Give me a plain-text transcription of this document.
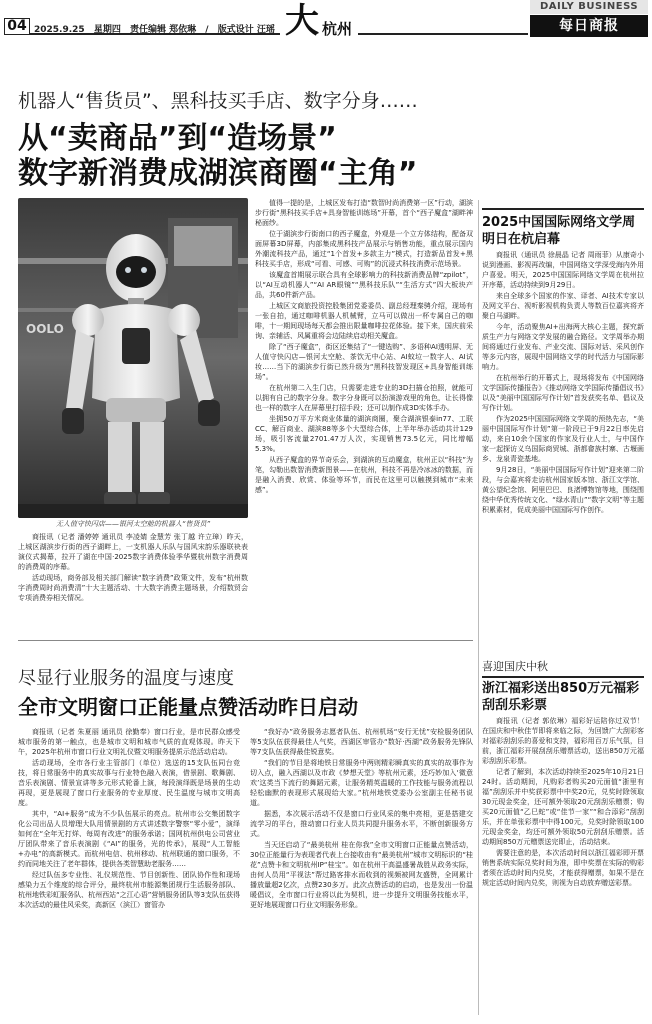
04 2025.9.25 星期四 责任编辑 郑依琳 / 版式设计 汪瑶 大 杭州
DAILY BUSINESS
每日商报
机器人“售货员”、黑科技买手店、数字分身……
从“卖商品”到“造场景”
数字新消费成湖滨商圈“主角”
OOLO
无人值守快闪店——银河太空舱的机器人“售货员”

商报讯（记者 潘婷婷 通讯员 李凌婧 金慧芳 张丁越 许立璋）昨天，上城区湖滨步行街的西子湖畔上，一支机器人乐队与国风宋韵乐器联袂表演仪式揭幕，拉开了湖在中国·2025数字消费体验季华暨杭州数字消费周的消费周的序幕。

活动现场，商务部及相关部门解读“数字消费”政策文件，发布“杭州数字消费周时尚消费清”十大主题活动、十大数字消费主题场景，介绍数贸会专项消费券相关情况。

值得一提的是，上城区发布打造“数智时尚消费第一区”行动，湖滨步行街“黑科技买手店+具身智能训练场”开幕，首个“西子魔盒”湖畔神秘面纱。

位于湖滨步行街南口的西子魔盒，外观是一个立方体结构，配备双面屏幕3D屏幕，内部集成黑科技产品展示与销售功能，重点展示国内外潮流科技产品，通过“1个首发+多款主力”模式，打造新品首发+黑科技买手店，形成“可看、可感、可购”的沉浸式科技消费示范场景。

该魔盒首期展示联合具有全球影响力的科技新消费品牌“zpilot”，以“AI互动机器人”“AI AR眼镜”“黑科技乐队”“生活方式”四大板块产品，共60件新产品。

上城区文商旅投资控股集团党委委员、副总经理秦骋介绍，现场有一张自拍，通过咖啡机器人机械臂，立马可以做出一杯专属自己的咖啡，十一期间现场每天都会推出限量咖啡拉花体验。接下来，国庆前采询、亲辅活、风属重将会边陆续启动相关魔盒。

除了“西子魔盒”，街区还集结了“一键选购”、多语种AI透明屏、无人值守快闪店—银河太空舱、茶饮无中心站、AI蚊垃一数字人、AI试妆……当下的湖滨步行街已然升级为“黑科技智发现区+具身智能训练场”。

在杭州第二入生门店，只需要走进专业的3D扫描仓拍照，就能可以拥有自己的数字分身。数字分身既可以扮演游戏里的角色，让长得像也一样的数字人在屏幕里打招手段；还可以制作成3D实体手办。

坐拥50万平方米商业体量的湖滨商圈，聚合湖滨银泰in77、工联CC、解百商业、湖滨88等多个大型综合体，上半年举办活动共计129场，吸引客流量2701.47万人次，实现销售73.5亿元，同比增幅5.3%。

从西子魔盒的界节奇乐会，到湖滨的互动魔盒，杭州正以“科技”为笔，勾勒出数智消费新图景——在杭州，科技不再是冷冰冰的数据，而是融入消费、欣赏、体验等环节，而民在这里可以触摸到城市“未来感”。

2025中国国际网络文学周明日在杭启幕

商报讯（通讯员 徐晨晶 记者 周雨菲）从康奇小说到漫画、影视再改编，中国网络文学深受海内外用户喜爱。明天，2025中国国际网络文学周在杭州拉开序幕，活动持续到9月29日。

来自全球多个国家的作家、译者、AI技术专家以及网文平台、视听影视机构负责人等数百位嘉宾将齐聚白马湖畔。

今年，活动聚焦AI+出海两大核心主题，探究新质生产力与网络文学发展的融合路径。文学周举办期间将通过行业发布、产业交流、国际对话、采风创作等多元内容，展现中国网络文学的时代活力与国际影响力。

在杭州举行的开幕式上，现场将发布《中国网络文学国际传播报告》《推动网络文学国际传播倡议书》以及“美丽中国国际写作计划”首发获奖名单、倡议及写作计划。

作为2025中国国际网络文学周的预热先志，“美丽中国国际写作计划”第一阶段已于9月22日率先启动，来自10余个国家的作家及行业人士，与中国作家一起探访义乌国际商贸城、浙都畲族村寨、古堰画乡、龙泉青瓷基地。

9月28日，“美丽中国国际写作计划”迎来第二阶段，与会嘉宾将走访杭州国家版本馆、浙江文学馆、黄公望纪念馆、阿里巴巴、良渚博物馆等地，围绕围绕中华优秀传统文化、“绿水青山”“数字文明”等主题积累素材，促成美丽中国国际写作创作。

喜迎国庆中秋
浙江福彩送出850万元福彩刮刮乐彩票

商报讯（记者 郭依琳）福彩好运陪你过双节！在国庆和中秋佳节即将来临之际，为回馈广大刮彩客对福彩刮刮乐的喜爱和支持，福彩用百万乐气氛，目前，浙江福彩开展刮刮乐赠票活动，送出850万元福彩刮刮乐彩票。

记者了解到，本次活动持续至2025年10月21日24时。活动期间，凡购彩者购买20元面值“浙里有福”刮刮乐并中奖获彩票中中奖20元，兑奖时除领取30元现金奖金，还可额外领取20元刮刮乐赠票；购买20元面值“乙巳蛇”或“佳节一家”“和合添彩”刮刮乐，并在单张彩票中中得100元，兑奖时除领取100元现金奖金，均还可额外领取50元刮刮乐赠票。活动期间850万元赠票送完即止，活动结束。

需要注意的是，本次活动时间以浙江福彩即开票销售系统实际兑奖时间为准，即中奖票在实际的购彩者须在活动时间内兑奖，才能获得赠票，如果不是在规定活动时间内兑奖，则视为自动放弃赠送彩票。

尽显行业服务的温度与速度
全市文明窗口正能量点赞活动昨日启动

商报讯（记者 朱夏丽 通讯员 徐勤奉）窗口行业，是市民群众感受城市服务的第一触点，也是城市文明和城市气质的直观体现。昨天下午，2025年杭州市窗口行业文明礼仪暨文明服务提质示范活动启动。

活动现场，全市各行业主管部门（单位）选送的15支队伍同台竞技，将日常服务中的真实故事与行业特色融入表演，借景剧、歌舞剧、音乐表演剧、情景宣讲等多元形式轮番上演，每段演绎既是场景的生动再现，更是展现了窗口行业服务的专业厚度、民生温度与城市文明高度。

其中，“AI+服务”成为不少队伍展示的亮点。杭州市公交集团数字化公司出品人员增理大队用情景剧的方式讲述数字警察“零小爱”，演绎如何在“全年无打烊、每周有改进”的服务承诺；国网杭州供电公司营业厅团队带来了音乐表演剧《“AI”的服务，光的传承》，展现“人工智能+办电”的高新模式。而杭州电信、杭州移动、杭州联通的窗口服务，不约而同地关注了老年群体，提供各类智慧助老服务……

经过队伍多专业性、礼仪规范性、节目创新性、团队协作性和现场感染力五个维度的综合评分，最终杭州市能源集团规行生活服务部队、杭州地铁彩虹服务队、杭州西站“之江心语”营销服务团队等3支队伍获得本次活动的最佳风采奖，高新区（滨江）窗管办

“我好办”政务服务志愿者队伍、杭州机场“安行无忧”安检服务团队等5支队伍获得最佳人气奖，西湖区审管办“数好·西湖”政务服务先锋队等7支队伍获得最佳锐意奖。

“我们的节目是将地铁日常服务中两则精彩瞬真实的真实的故事作为切入点，融入西湖以及市政《梦想天堂》等杭州元素，还巧妙加入‘微意欢’这类当下流行的舞蹈元素，让服务精英温暖的工作技能与服务流程以轻松幽默的表现形式展现给大家。”杭州地铁党委办公室副主任秘书说道。

据悉，本次展示活动不仅是窗口行业风采的集中亮相，更是搭建交流学习的平台，推动窗口行业人员共同提升服务水平，不断创新服务方式。

当天还启动了“最美杭州 桂在你我”全市文明窗口正能量点赞活动，30位正能量行为表现者代表上台接收由有“最美杭州”城市文明标识的“桂花”点赞卡和文明杭州IP“桂宝”。如在杭州干高温盛暑战胜从政务实际，由何人员用“平视法”帮过路客排水而收到的视频被网友盛赞，全网累计播放量超2亿次，点赞230多万。此次点赞活动的启动，也是发出一份温暖倡议，全市窗口行业将以此为契机，进一步提升文明服务技能水平，更好地展现窗口行业文明服务形象。
